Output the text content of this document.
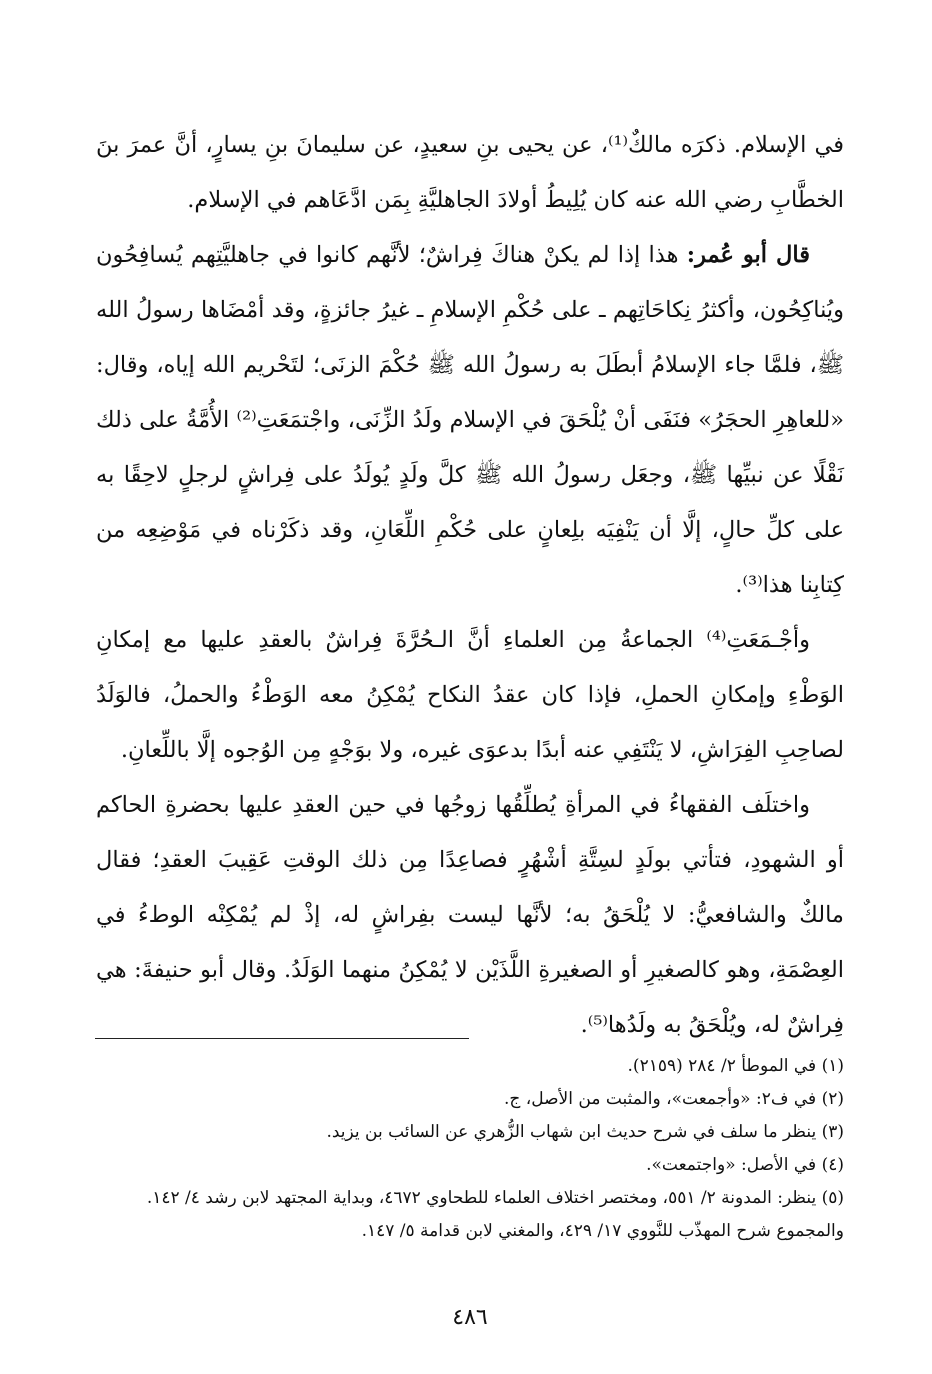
في الإسلام. ذكرَه مالكٌ⁽¹⁾، عن يحيى بنِ سعيدٍ، عن سليمانَ بنِ يسارٍ، أنَّ عمرَ بنَ الخطَّابِ رضي الله عنه كان يُلِيطُ أولادَ الجاهليَّةِ بِمَن ادَّعَاهم في الإسلام.

قال أبو عُمر: هذا إذا لم يكنْ هناكَ فِراشٌ؛ لأنَّهم كانوا في جاهليَّتِهم يُسافِحُون ويُناكِحُون، وأكثرُ نِكاحَاتِهم ـ على حُكْمِ الإسلامِ ـ غيرُ جائزةٍ، وقد أمْضَاها رسولُ الله ﷺ، فلمَّا جاء الإسلامُ أبطَلَ به رسولُ الله ﷺ حُكْمَ الزنَى؛ لتَحْريم الله إياه، وقال: «للعاهِرِ الحجَرُ» فنَفَى أنْ يُلْحَقَ في الإسلام ولَدُ الزِّنَى، واجْتمَعَتِ⁽²⁾ الأُمَّةُ على ذلك نَقْلًا عن نبيِّها ﷺ، وجعَل رسولُ الله ﷺ كلَّ ولَدٍ يُولَدُ على فِراشٍ لرجلٍ لاحِقًا به على كلِّ حالٍ، إلَّا أن يَنْفِيَه بلِعانٍ على حُكْمِ اللِّعَانِ، وقد ذكَرْناه في مَوْضِعِه من كِتابِنا هذا⁽³⁾.

وأجْـمَعَتِ⁽⁴⁾ الجماعةُ مِن العلماءِ أنَّ الـحُرَّةَ فِراشٌ بالعقدِ عليها مع إمكانِ الوَطْءِ وإمكانِ الحملِ، فإذا كان عقدُ النكاح يُمْكِنُ معه الوَطْءُ والحملُ، فالوَلَدُ لصاحِبِ الفِرَاشِ، لا يَنْتَفِي عنه أبدًا بدعوَى غيره، ولا بوَجْهٍ مِن الوُجوه إلَّا باللِّعانِ.

واختلَف الفقهاءُ في المرأةِ يُطلِّقُها زوجُها في حين العقدِ عليها بحضرةِ الحاكم أو الشهودِ، فتأتي بولَدٍ لسِتَّةِ أشْهُرٍ فصاعِدًا مِن ذلك الوقتِ عَقِيبَ العقدِ؛ فقال مالكٌ والشافعيُّ: لا يُلْحَقُ به؛ لأنَّها ليست بفِراشٍ له، إذْ لم يُمْكِنْه الوطءُ في العِصْمَةِ، وهو كالصغيرِ أو الصغيرةِ اللَّذَيْن لا يُمْكِنُ منهما الوَلَدُ. وقال أبو حنيفةَ: هي فِراشٌ له، ويُلْحَقُ به ولَدُها⁽⁵⁾.

(١) في الموطأ ٢/ ٢٨٤ (٢١٥٩).

(٢) في ف٢: «وأجمعت»، والمثبت من الأصل، ج.

(٣) ينظر ما سلف في شرح حديث ابن شهاب الزُّهري عن السائب بن يزيد.

(٤) في الأصل: «واجتمعت».

(٥) ينظر: المدونة ٢/ ٥٥١، ومختصر اختلاف العلماء للطحاوي ٤٦٧٢، وبداية المجتهد لابن رشد ٤/ ١٤٢. والمجموع شرح المهذّب للنَّووي ١٧/ ٤٢٩، والمغني لابن قدامة ٥/ ١٤٧.

٤٨٦
